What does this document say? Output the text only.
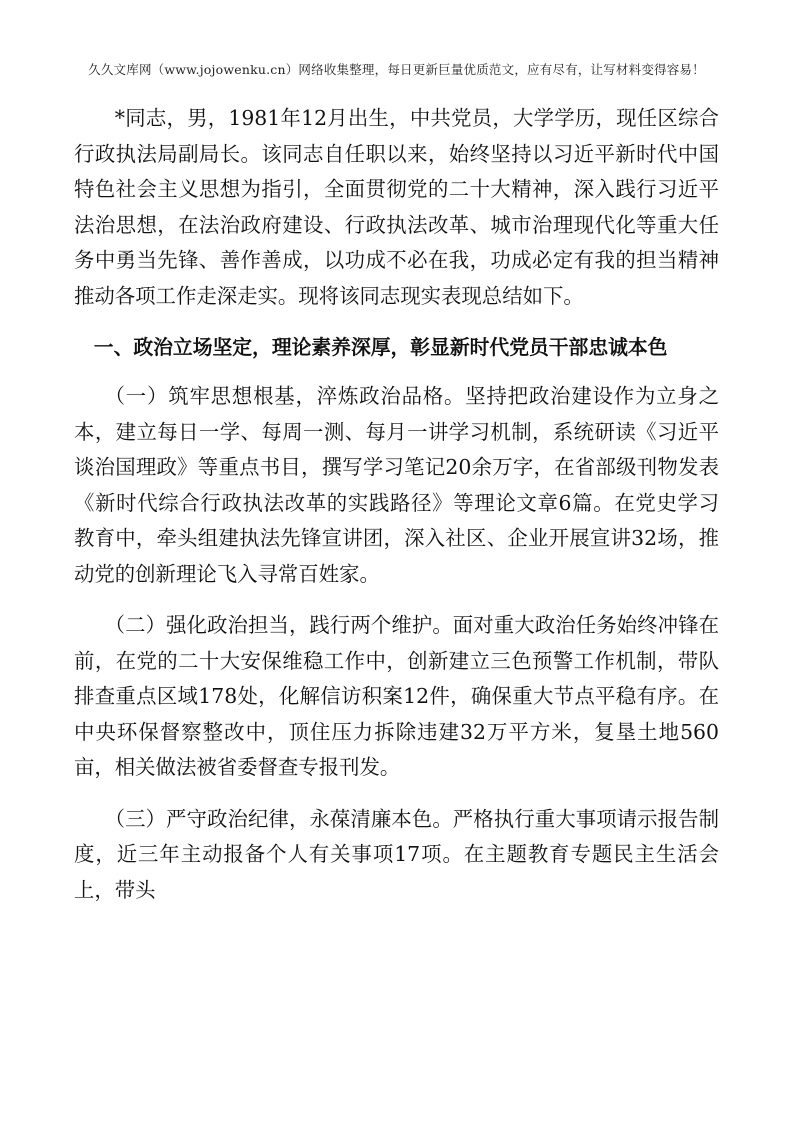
久久文库网（www.jojowenku.cn）网络收集整理，每日更新巨量优质范文，应有尽有，让写材料变得容易！

*同志，男，1981年12月出生，中共党员，大学学历，现任区综合行政执法局副局长。该同志自任职以来，始终坚持以习近平新时代中国特色社会主义思想为指引，全面贯彻党的二十大精神，深入践行习近平法治思想，在法治政府建设、行政执法改革、城市治理现代化等重大任务中勇当先锋、善作善成，以功成不必在我，功成必定有我的担当精神推动各项工作走深走实。现将该同志现实表现总结如下。

一、政治立场坚定，理论素养深厚，彰显新时代党员干部忠诚本色

（一）筑牢思想根基，淬炼政治品格。坚持把政治建设作为立身之本，建立每日一学、每周一测、每月一讲学习机制，系统研读《习近平谈治国理政》等重点书目，撰写学习笔记20余万字，在省部级刊物发表《新时代综合行政执法改革的实践路径》等理论文章6篇。在党史学习教育中，牵头组建执法先锋宣讲团，深入社区、企业开展宣讲32场，推动党的创新理论飞入寻常百姓家。

（二）强化政治担当，践行两个维护。面对重大政治任务始终冲锋在前，在党的二十大安保维稳工作中，创新建立三色预警工作机制，带队排查重点区域178处，化解信访积案12件，确保重大节点平稳有序。在中央环保督察整改中，顶住压力拆除违建32万平方米，复垦土地560亩，相关做法被省委督查专报刊发。

（三）严守政治纪律，永葆清廉本色。严格执行重大事项请示报告制度，近三年主动报备个人有关事项17项。在主题教育专题民主生活会上，带头
